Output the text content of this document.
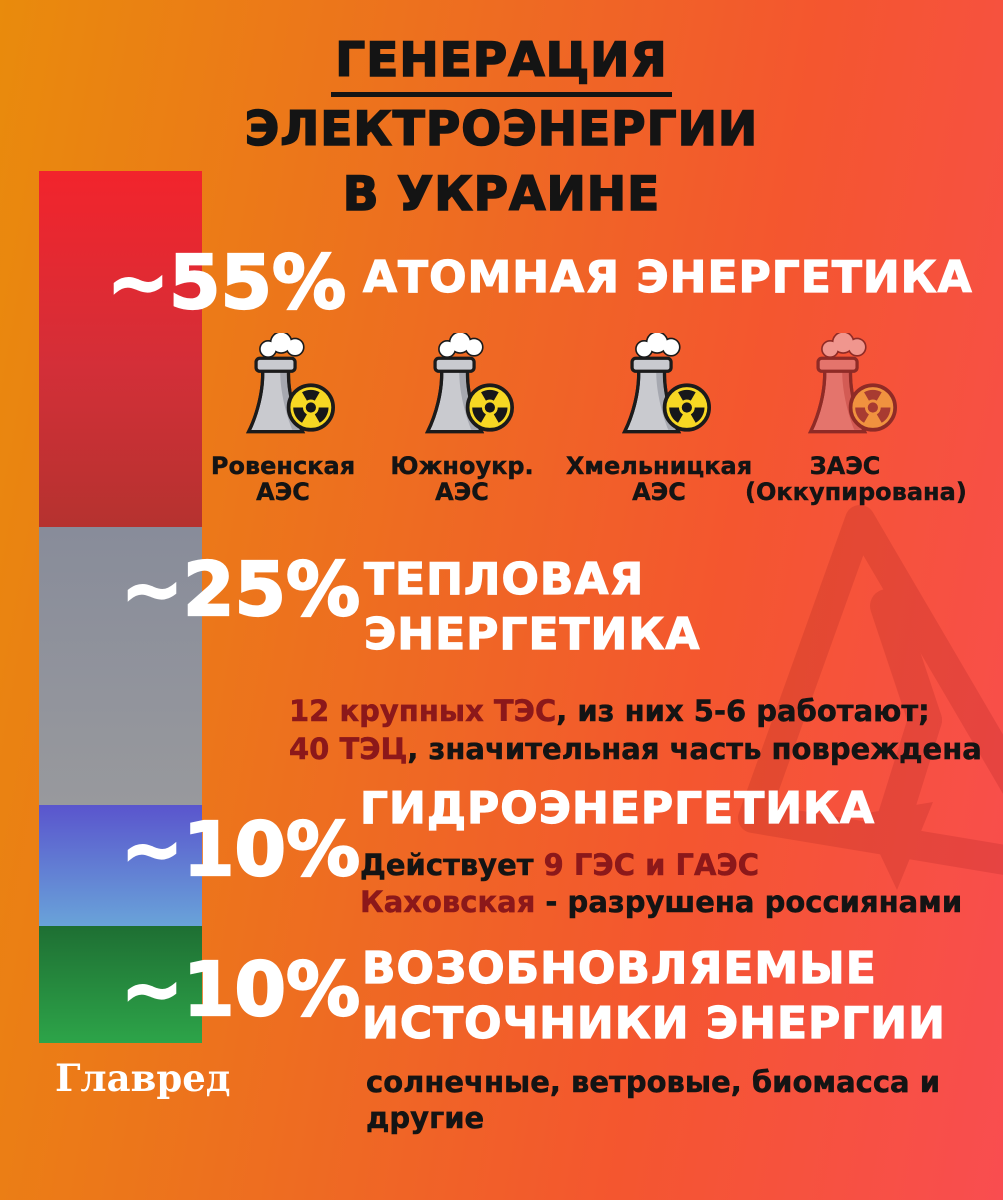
ГЕНЕРАЦИЯ
ЭЛЕКТРОЭНЕРГИИ
В УКРАИНЕ
~55%
~25%
~10%
~10%
АТОМНАЯ ЭНЕРГЕТИКА
ТЕПЛОВАЯ
ЭНЕРГЕТИКА
ГИДРОЭНЕРГЕТИКА
ВОЗОБНОВЛЯЕМЫЕ
ИСТОЧНИКИ ЭНЕРГИИ
Ровенская
АЭС
Южноукр.
АЭС
Хмельницкая
АЭС
ЗАЭС
(Оккупирована)
12 крупных ТЭС, из них 5-6 работают;
40 ТЭЦ, значительная часть повреждена
Действует 9 ГЭС и ГАЭС
Каховская - разрушена россиянами
солнечные, ветровые, биомасса и
другие
Главред
